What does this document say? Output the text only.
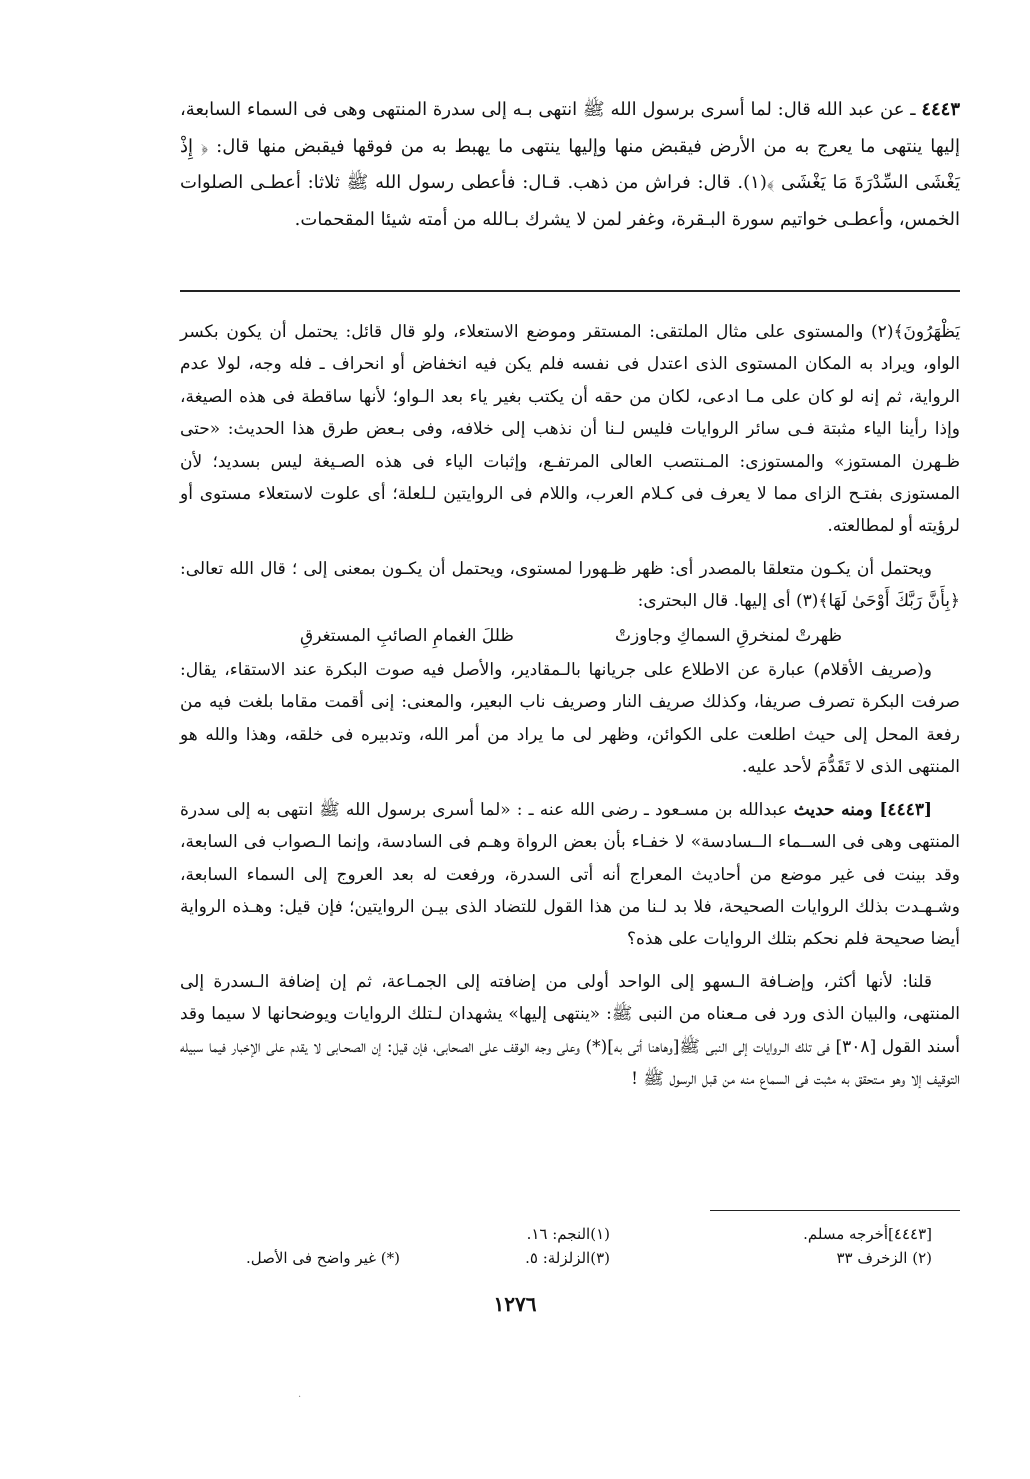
٤٤٤٣ ـ عن عبد الله قال: لما أسرى برسول الله ﷺ انتهى بـه إلى سدرة المنتهى وهى فى السماء السابعة، إليها ينتهى ما يعرج به من الأرض فيقبض منها وإليها ينتهى ما يهبط به من فوقها فيقبض منها قال: ﴿ إِذْ يَغْشَى السِّدْرَةَ مَا يَغْشَى ﴾(١). قال: فراش من ذهب. قـال: فأعطى رسول الله ﷺ ثلاثا: أعطـى الصلوات الخمس، وأعطـى خواتيم سورة البـقرة، وغفر لمن لا يشرك بـالله من أمته شيئا المقحمات.

يَظْهَرُونَ﴾(٢) والمستوى على مثال الملتقى: المستقر وموضع الاستعلاء، ولو قال قائل: يحتمل أن يكون بكسر الواو، ويراد به المكان المستوى الذى اعتدل فى نفسه فلم يكن فيه انخفاض أو انحراف ـ فله وجه، لولا عدم الرواية، ثم إنه لو كان على مـا ادعى، لكان من حقه أن يكتب بغير ياء بعد الـواو؛ لأنها ساقطة فى هذه الصيغة، وإذا رأينا الياء مثبتة فـى سائر الروايات فليس لـنا أن نذهب إلى خلافه، وفى بـعض طرق هذا الحديث: «حتى ظـهرن المستوز» والمستوزى: المـنتصب العالى المرتفـع، وإثبات الياء فى هذه الصـيغة ليس بسديد؛ لأن المستوزى بفتـح الزاى مما لا يعرف فى كـلام العرب، واللام فى الروايتين لـلعلة؛ أى علوت لاستعلاء مستوى أو لرؤيته أو لمطالعته.

ويحتمل أن يكـون متعلقا بالمصدر أى: ظهر ظـهورا لمستوى، ويحتمل أن يكـون بمعنى إلى ؛ قال الله تعالى: ﴿بِأَنَّ رَبَّكَ أَوْحَىٰ لَهَا﴾(٣) أى إليها. قال البحترى:

ظهرتْ لمنخرقِ السماكِ وجاوزتْ
ظللَ الغمامِ الصائبِ المستغرقِ

و(صريف الأقلام) عبارة عن الاطلاع على جريانها بالـمقادير، والأصل فيه صوت البكرة عند الاستقاء، يقال: صرفت البكرة تصرف صريفا، وكذلك صريف النار وصريف ناب البعير، والمعنى: إنى أقمت مقاما بلغت فيه من رفعة المحل إلى حيث اطلعت على الكوائن، وظهر لى ما يراد من أمر الله، وتدبيره فى خلقه، وهذا والله هو المنتهى الذى لا تَقَدُّمَ لأحد عليه.

[٤٤٤٣] ومنه حديث عبدالله بن مسـعود ـ رضى الله عنه ـ : «لما أسرى برسول الله ﷺ انتهى به إلى سدرة المنتهى وهى فى الســماء الــسادسة» لا خفـاء بأن بعض الرواة وهـم فى السادسة، وإنما الـصواب فى السابعة، وقد بينت فى غير موضع من أحاديث المعراج أنه أتى السدرة، ورفعت له بعد العروج إلى السماء السابعة، وشـهـدت بذلك الروايات الصحيحة، فلا بد لـنا من هذا القول للتضاد الذى بيـن الروايتين؛ فإن قيل: وهـذه الرواية أيضا صحيحة فلم نحكم بتلك الروايات على هذه؟

قلنا: لأنها أكثر، وإضـافة الـسهو إلى الواحد أولى من إضافته إلى الجمـاعة، ثم إن إضافة الـسدرة إلى المنتهى، والبيان الذى ورد فى مـعناه من النبى ﷺ: «ينتهى إليها» يشهدان لـتلك الروايات ويوضحانها لا سيما وقد أسند القول [٣٠٨] فى تلك الـروايات إلى النبى ﷺ[وهاهنا أتى به](*) وعلى وجه الوقف على الصحابى، فإن قيل: إن الصحـابى لا يقدم على الإخبار فيما سبيله التوقيف إلا وهو مـتحقق به مثبت فى السماع منه من قبل الرسول ﷺ !

[٤٤٤٣]أخرجه مسلم.
(٢) الزخرف ٣٣
(١)النجم: ١٦.
(٣)الزلزلة: ٥.
(*) غير واضح فى الأصل.
١٢٧٦
·
